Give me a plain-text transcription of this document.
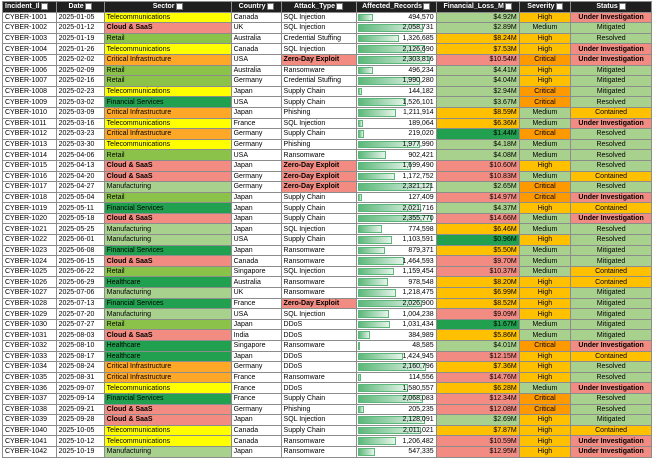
Incident_Il	Date	Sector	Country	Attack_Type	Affected_Records	Financial_Loss_M	Severity	Status
CYBER-1001	2025-01-05	Telecommunications	Canada	SQL Injection	494,570	$4.92M	High	Under Investigation
CYBER-1002	2025-01-12	Cloud & SaaS	UK	SQL Injection	2,058,731	$2.89M	Medium	Mitigated
CYBER-1003	2025-01-19	Retail	Australia	Credential Stuffing	1,326,685	$8.24M	High	Resolved
CYBER-1004	2025-01-26	Telecommunications	Canada	SQL Injection	2,126,690	$7.53M	High	Under Investigation
CYBER-1005	2025-02-02	Critical Infrastructure	USA	Zero-Day Exploit	2,303,816	$10.54M	Critical	Under Investigation
CYBER-1006	2025-02-09	Retail	Australia	Ransomware	496,234	$4.41M	High	Mitigated
CYBER-1007	2025-02-16	Retail	Germany	Credential Stuffing	1,990,280	$4.04M	High	Mitigated
CYBER-1008	2025-02-23	Telecommunications	Japan	Supply Chain	144,182	$2.94M	Critical	Mitigated
CYBER-1009	2025-03-02	Financial Services	USA	Supply Chain	1,526,101	$3.67M	Critical	Resolved
CYBER-1010	2025-03-09	Critical Infrastructure	Japan	Phishing	1,211,914	$8.59M	Medium	Contained
CYBER-1011	2025-03-16	Telecommunications	France	SQL Injection	189,064	$6.36M	Medium	Under Investigation
CYBER-1012	2025-03-23	Critical Infrastructure	Germany	Supply Chain	219,020	$1.44M	Critical	Resolved
CYBER-1013	2025-03-30	Telecommunications	Germany	Phishing	1,977,990	$4.18M	Medium	Resolved
CYBER-1014	2025-04-06	Retail	USA	Ransomware	902,421	$4.08M	Medium	Resolved
CYBER-1015	2025-04-13	Cloud & SaaS	Japan	Zero-Day Exploit	1,699,490	$10.60M	High	Resolved
CYBER-1016	2025-04-20	Cloud & SaaS	Germany	Zero-Day Exploit	1,172,752	$10.83M	Medium	Contained
CYBER-1017	2025-04-27	Manufacturing	Germany	Zero-Day Exploit	2,321,121	$2.65M	Critical	Resolved
CYBER-1018	2025-05-04	Retail	Japan	Supply Chain	127,409	$14.97M	Critical	Under Investigation
CYBER-1019	2025-05-11	Financial Services	Japan	Supply Chain	2,021,716	$4.37M	High	Contained
CYBER-1020	2025-05-18	Cloud & SaaS	Japan	Supply Chain	2,355,770	$14.66M	Medium	Under Investigation
CYBER-1021	2025-05-25	Manufacturing	Japan	SQL Injection	774,598	$6.46M	Medium	Resolved
CYBER-1022	2025-06-01	Manufacturing	USA	Supply Chain	1,103,591	$0.96M	High	Resolved
CYBER-1023	2025-06-08	Financial Services	Japan	Ransomware	879,371	$5.50M	Medium	Mitigated
CYBER-1024	2025-06-15	Cloud & SaaS	Canada	Ransomware	1,464,593	$9.70M	Medium	Mitigated
CYBER-1025	2025-06-22	Retail	Singapore	SQL Injection	1,159,454	$10.37M	Medium	Contained
CYBER-1026	2025-06-29	Healthcare	Australia	Ransomware	978,548	$8.20M	High	Contained
CYBER-1027	2025-07-06	Manufacturing	UK	Ransomware	1,218,475	$6.99M	High	Mitigated
CYBER-1028	2025-07-13	Financial Services	France	Zero-Day Exploit	2,026,900	$8.52M	High	Mitigated
CYBER-1029	2025-07-20	Manufacturing	USA	SQL Injection	1,004,238	$9.09M	High	Mitigated
CYBER-1030	2025-07-27	Retail	Japan	DDoS	1,031,434	$1.67M	Medium	Mitigated
CYBER-1031	2025-08-03	Cloud & SaaS	India	DDoS	384,989	$5.86M	Medium	Mitigated
CYBER-1032	2025-08-10	Healthcare	Singapore	Ransomware	48,585	$4.01M	Critical	Under Investigation
CYBER-1033	2025-08-17	Healthcare	Japan	DDoS	1,424,945	$12.15M	High	Contained
CYBER-1034	2025-08-24	Critical Infrastructure	Germany	DDoS	2,160,796	$7.36M	High	Resolved
CYBER-1035	2025-08-31	Critical Infrastructure	France	Ransomware	114,556	$14.76M	High	Resolved
CYBER-1036	2025-09-07	Telecommunications	France	DDoS	1,580,557	$6.28M	Medium	Under Investigation
CYBER-1037	2025-09-14	Financial Services	France	Supply Chain	2,068,083	$12.34M	Critical	Resolved
CYBER-1038	2025-09-21	Cloud & SaaS	Germany	Phishing	205,235	$12.08M	Critical	Resolved
CYBER-1039	2025-09-28	Cloud & SaaS	Japan	SQL Injection	2,128,091	$2.69M	High	Mitigated
CYBER-1040	2025-10-05	Telecommunications	Canada	Supply Chain	2,011,021	$7.87M	High	Contained
CYBER-1041	2025-10-12	Telecommunications	Canada	Ransomware	1,206,482	$10.59M	High	Under Investigation
CYBER-1042	2025-10-19	Manufacturing	Japan	Ransomware	547,335	$12.95M	High	Under Investigation
